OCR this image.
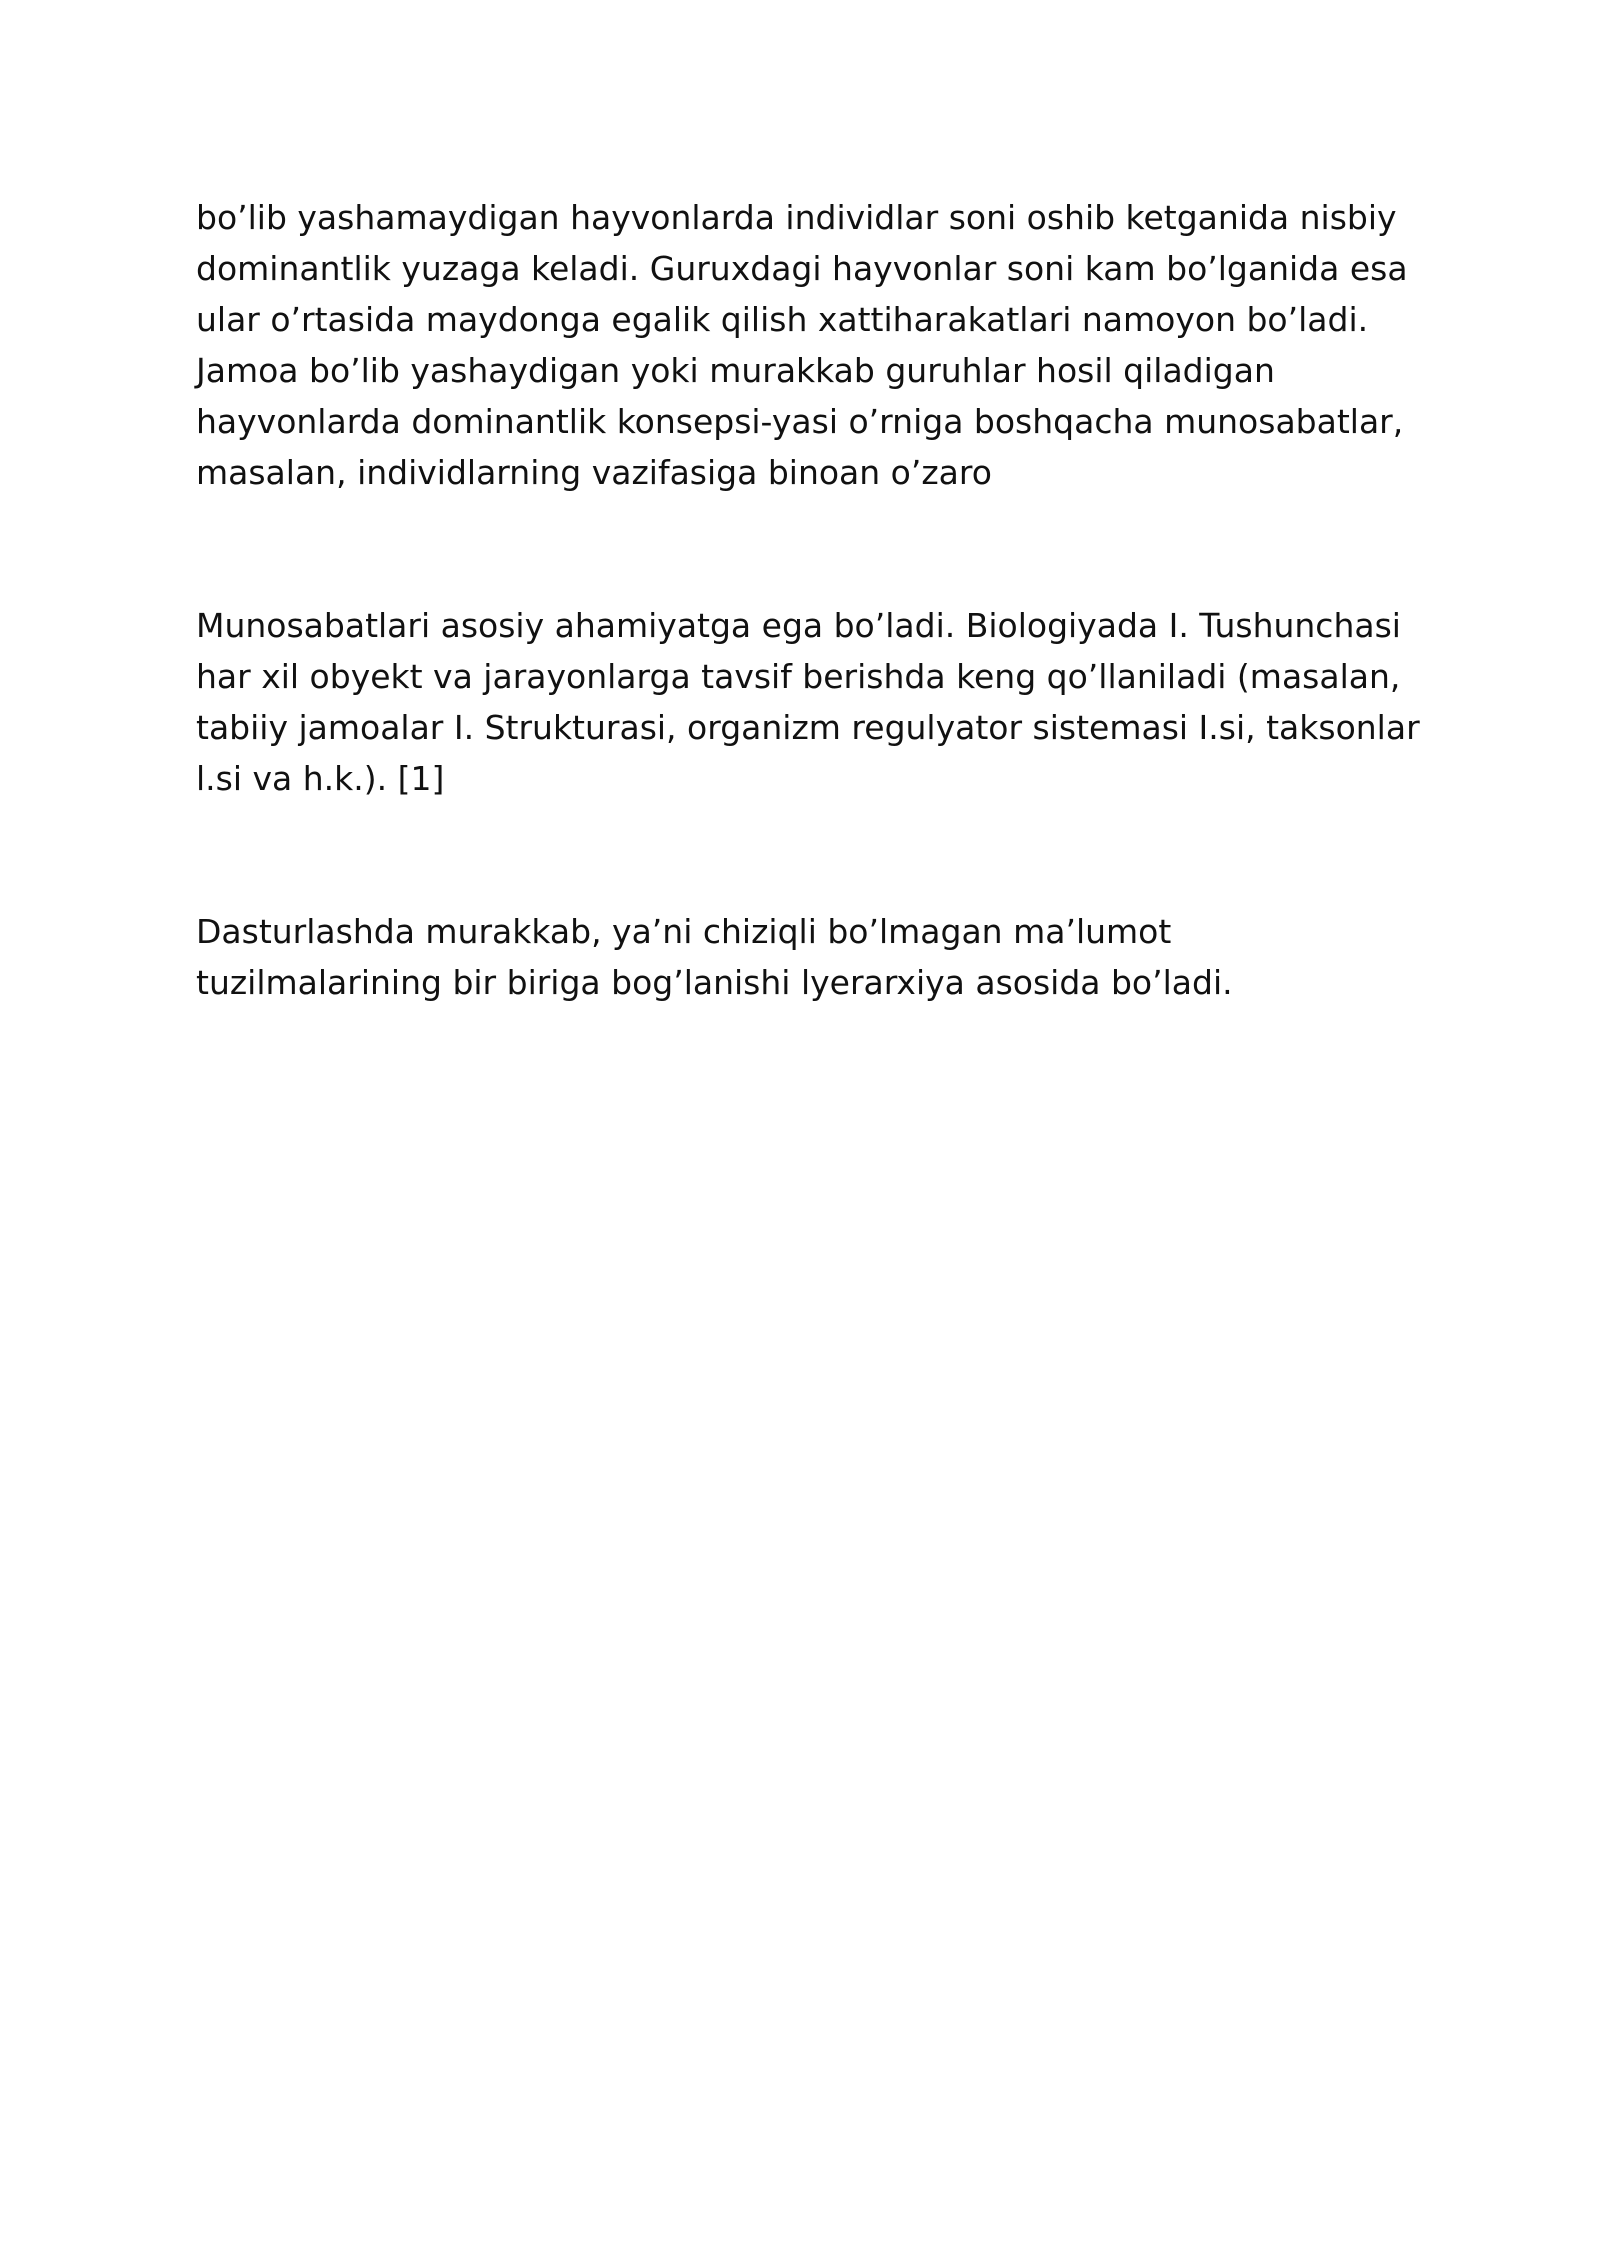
bo’lib yashamaydigan hayvonlarda individlar soni oshib ketganida nisbiy dominantlik yuzaga keladi. Guruxdagi hayvonlar soni kam bo’lganida esa ular o’rtasida maydonga egalik qilish xattiharakatlari namoyon bo’ladi. Jamoa bo’lib yashaydigan yoki murakkab guruhlar hosil qiladigan hayvonlarda dominantlik konsepsi-yasi o’rniga boshqacha munosabatlar, masalan, individlarning vazifasiga binoan o’zaro

Munosabatlari asosiy ahamiyatga ega bo’ladi. Biologiyada I. Tushunchasi har xil obyekt va jarayonlarga tavsif berishda keng qo’llaniladi (masalan, tabiiy jamoalar I. Strukturasi, organizm regulyator sistemasi I.si, taksonlar l.si va h.k.). [1]

Dasturlashda murakkab, ya’ni chiziqli bo’lmagan ma’lumot tuzilmalarining bir biriga bog’lanishi lyerarxiya asosida bo’ladi.
